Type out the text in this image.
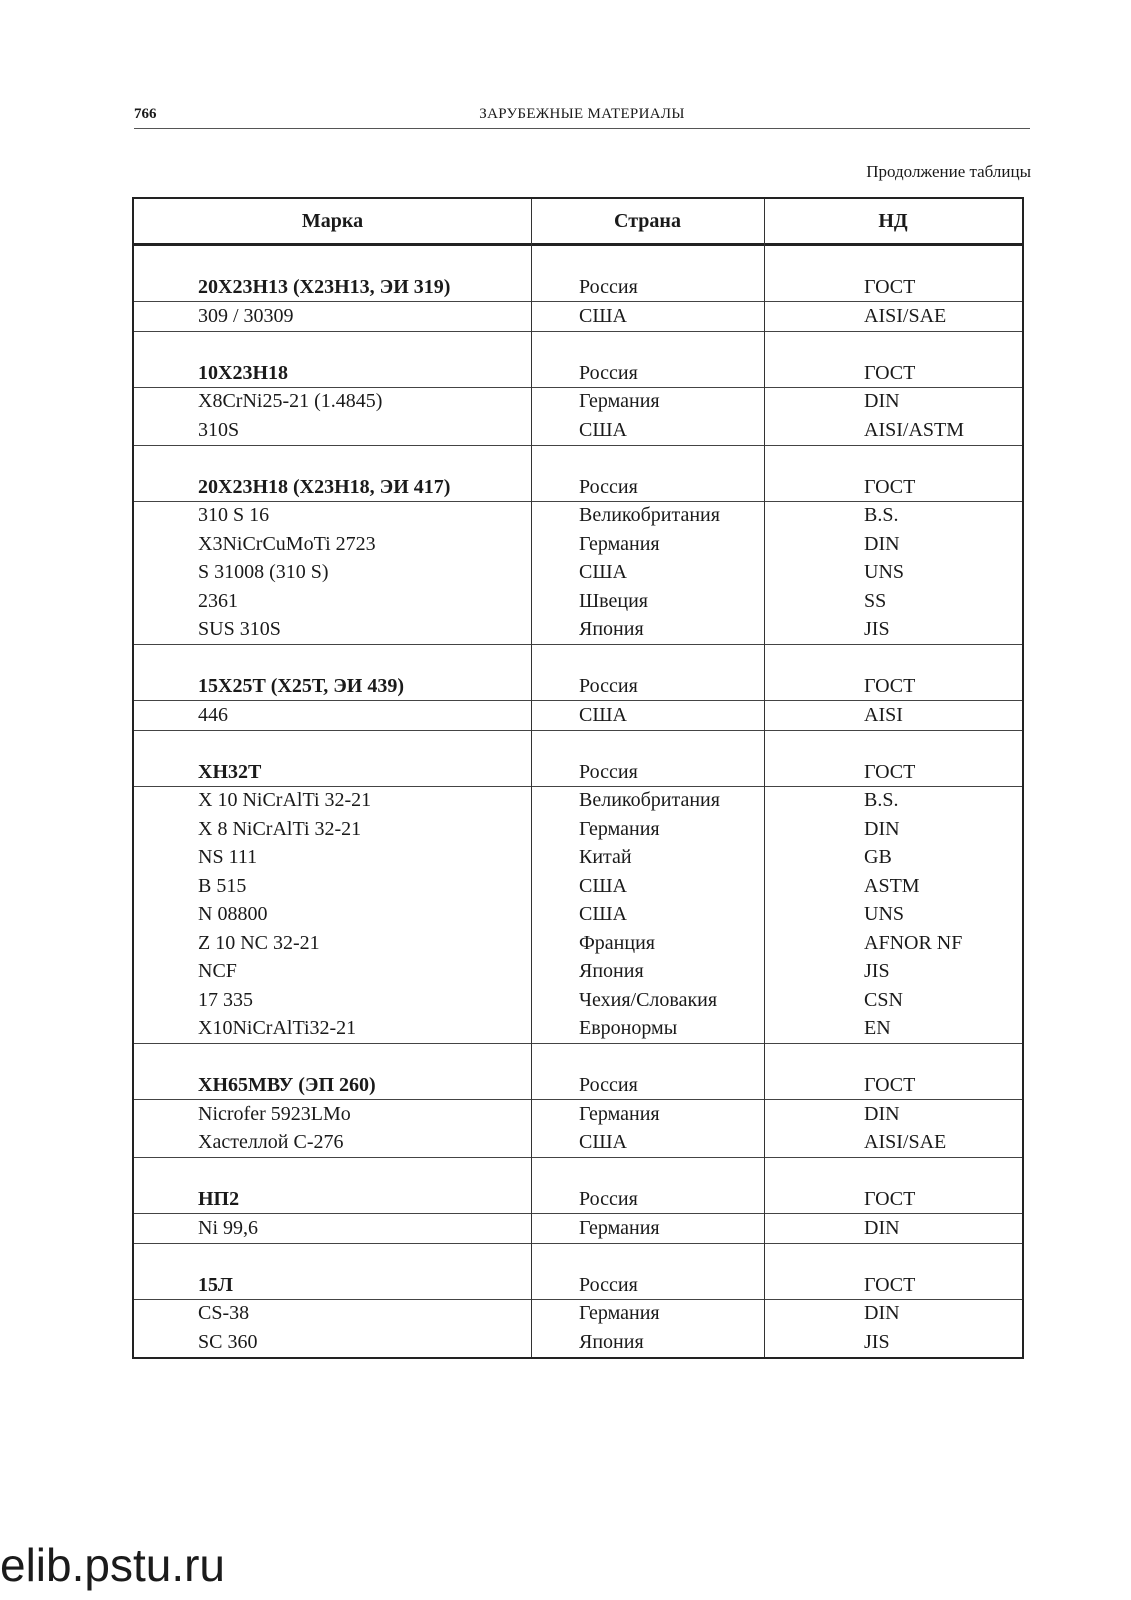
766	ЗАРУБЕЖНЫЕ МАТЕРИАЛЫ
Продолжение таблицы
Марка	Страна	НД
20Х23Н13 (Х23Н13, ЭИ 319)	Россия	ГОСТ
309 / 30309	США	AISI/SAE
10Х23Н18	Россия	ГОСТ
X8CrNi25-21 (1.4845)	Германия	DIN
310S	США	AISI/ASTM
20Х23Н18 (Х23Н18, ЭИ 417)	Россия	ГОСТ
310 S 16	Великобритания	B.S.
X3NiCrCuMoTi 2723	Германия	DIN
S 31008 (310 S)	США	UNS
2361	Швеция	SS
SUS 310S	Япония	JIS
15Х25Т (Х25Т, ЭИ 439)	Россия	ГОСТ
446	США	AISI
ХН32Т	Россия	ГОСТ
X 10 NiCrAlTi 32-21	Великобритания	B.S.
X 8 NiCrAlTi 32-21	Германия	DIN
NS 111	Китай	GB
B 515	США	ASTM
N 08800	США	UNS
Z 10 NC 32-21	Франция	AFNOR NF
NCF	Япония	JIS
17 335	Чехия/Словакия	CSN
X10NiCrAlTi32-21	Евронормы	EN
ХН65МВУ (ЭП 260)	Россия	ГОСТ
Nicrofer 5923LMo	Германия	DIN
Хастеллой С-276	США	AISI/SAE
НП2	Россия	ГОСТ
Ni 99,6	Германия	DIN
15Л	Россия	ГОСТ
CS-38	Германия	DIN
SC 360	Япония	JIS
elib.pstu.ru
